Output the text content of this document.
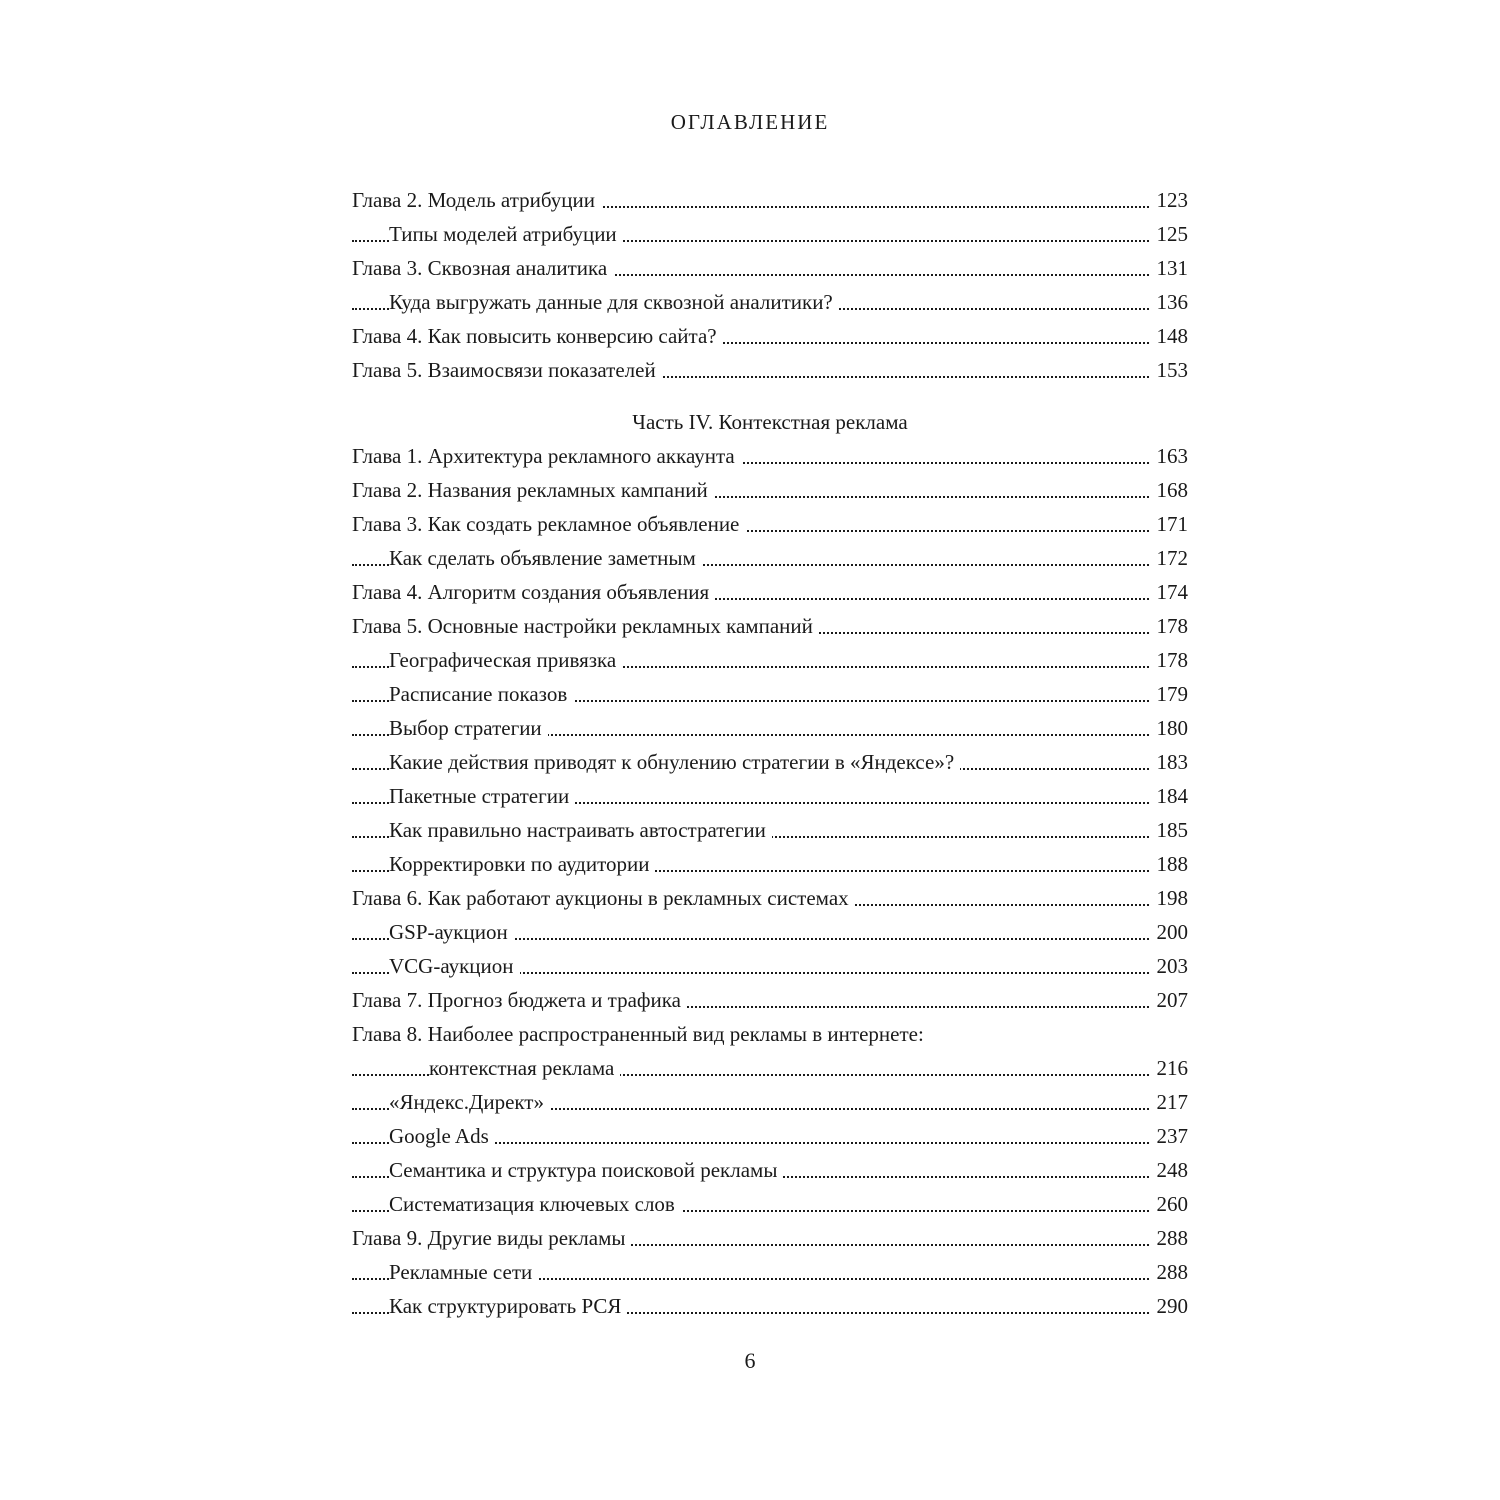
ОГЛАВЛЕНИЕ
Глава 2. Модель атрибуции	123
Типы моделей атрибуции	125
Глава 3. Сквозная аналитика	131
Куда выгружать данные для сквозной аналитики?	136
Глава 4. Как повысить конверсию сайта?	148
Глава 5. Взаимосвязи показателей	153
Часть IV. Контекстная реклама
Глава 1. Архитектура рекламного аккаунта	163
Глава 2. Названия рекламных кампаний	168
Глава 3. Как создать рекламное объявление	171
Как сделать объявление заметным	172
Глава 4. Алгоритм создания объявления	174
Глава 5. Основные настройки рекламных кампаний	178
Географическая привязка	178
Расписание показов	179
Выбор стратегии	180
Какие действия приводят к обнулению стратегии в «Яндексе»?	183
Пакетные стратегии	184
Как правильно настраивать автостратегии	185
Корректировки по аудитории	188
Глава 6. Как работают аукционы в рекламных системах	198
GSP-аукцион	200
VCG-аукцион	203
Глава 7. Прогноз бюджета и трафика	207
Глава 8. Наиболее распространенный вид рекламы в интернете:
контекстная реклама	216
«Яндекс.Директ»	217
Google Ads	237
Семантика и структура поисковой рекламы	248
Систематизация ключевых слов	260
Глава 9. Другие виды рекламы	288
Рекламные сети	288
Как структурировать РСЯ	290
6
